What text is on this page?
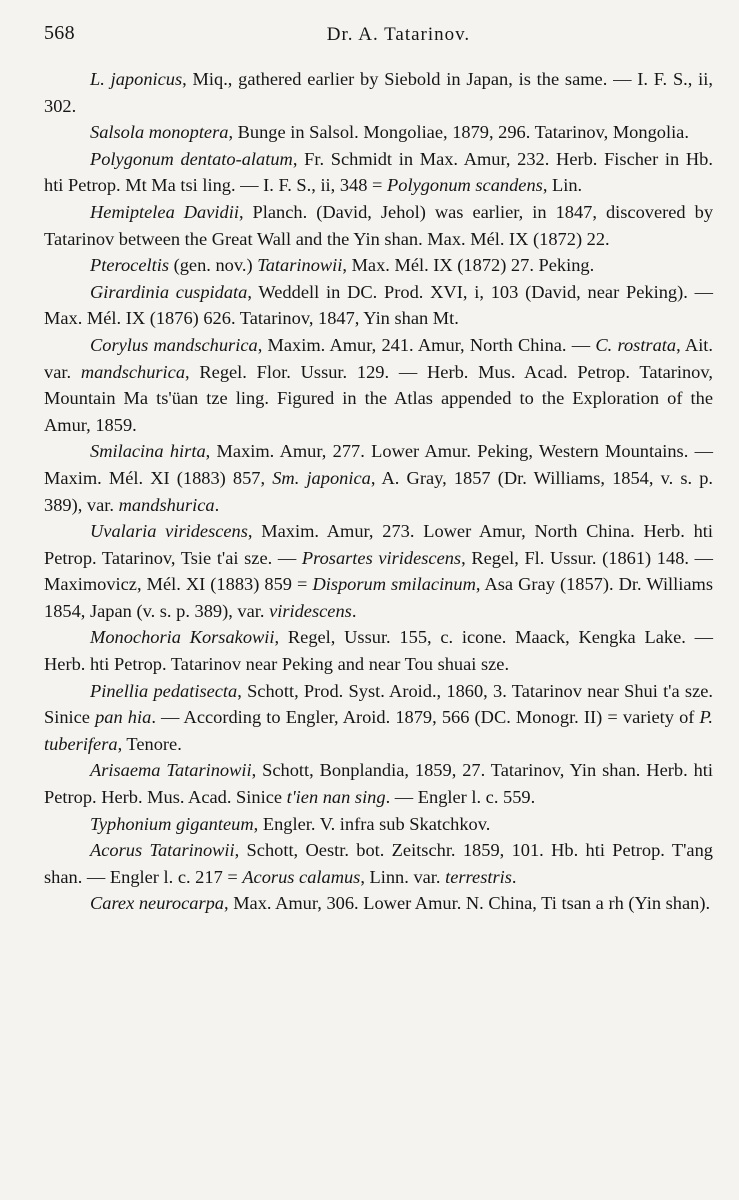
568	Dr. A. Tatarinov.

L. japonicus, Miq., gathered earlier by Siebold in Japan, is the same. — I. F. S., ii, 302.

Salsola monoptera, Bunge in Salsol. Mongoliae, 1879, 296. Tatarinov, Mongolia.

Polygonum dentato-alatum, Fr. Schmidt in Max. Amur, 232. Herb. Fischer in Hb. hti Petrop. Mt Ma tsi ling. — I. F. S., ii, 348 = Polygonum scandens, Lin.

Hemiptelea Davidii, Planch. (David, Jehol) was earlier, in 1847, discovered by Tatarinov between the Great Wall and the Yin shan. Max. Mél. IX (1872) 22.

Pteroceltis (gen. nov.) Tatarinowii, Max. Mél. IX (1872) 27. Peking.

Girardinia cuspidata, Weddell in DC. Prod. XVI, i, 103 (David, near Peking). — Max. Mél. IX (1876) 626. Tatarinov, 1847, Yin shan Mt.

Corylus mandschurica, Maxim. Amur, 241. Amur, North China. — C. rostrata, Ait. var. mandschurica, Regel. Flor. Ussur. 129. — Herb. Mus. Acad. Petrop. Tatarinov, Mountain Ma ts'üan tze ling. Figured in the Atlas appended to the Exploration of the Amur, 1859.

Smilacina hirta, Maxim. Amur, 277. Lower Amur. Peking, Western Mountains. — Maxim. Mél. XI (1883) 857, Sm. japonica, A. Gray, 1857 (Dr. Williams, 1854, v. s. p. 389), var. mandshurica.

Uvalaria viridescens, Maxim. Amur, 273. Lower Amur, North China. Herb. hti Petrop. Tatarinov, Tsie t'ai sze. — Prosartes viridescens, Regel, Fl. Ussur. (1861) 148. — Maximovicz, Mél. XI (1883) 859 = Disporum smilacinum, Asa Gray (1857). Dr. Williams 1854, Japan (v. s. p. 389), var. viridescens.

Monochoria Korsakowii, Regel, Ussur. 155, c. icone. Maack, Kengka Lake. — Herb. hti Petrop. Tatarinov near Peking and near Tou shuai sze.

Pinellia pedatisecta, Schott, Prod. Syst. Aroid., 1860, 3. Tatarinov near Shui t'a sze. Sinice pan hia. — According to Engler, Aroid. 1879, 566 (DC. Monogr. II) = variety of P. tuberifera, Tenore.

Arisaema Tatarinowii, Schott, Bonplandia, 1859, 27. Tatarinov, Yin shan. Herb. hti Petrop. Herb. Mus. Acad. Sinice t'ien nan sing. — Engler l. c. 559.

Typhonium giganteum, Engler. V. infra sub Skatchkov.

Acorus Tatarinowii, Schott, Oestr. bot. Zeitschr. 1859, 101. Hb. hti Petrop. T'ang shan. — Engler l. c. 217 = Acorus calamus, Linn. var. terrestris.

Carex neurocarpa, Max. Amur, 306. Lower Amur. N. China, Ti tsan a rh (Yin shan).
